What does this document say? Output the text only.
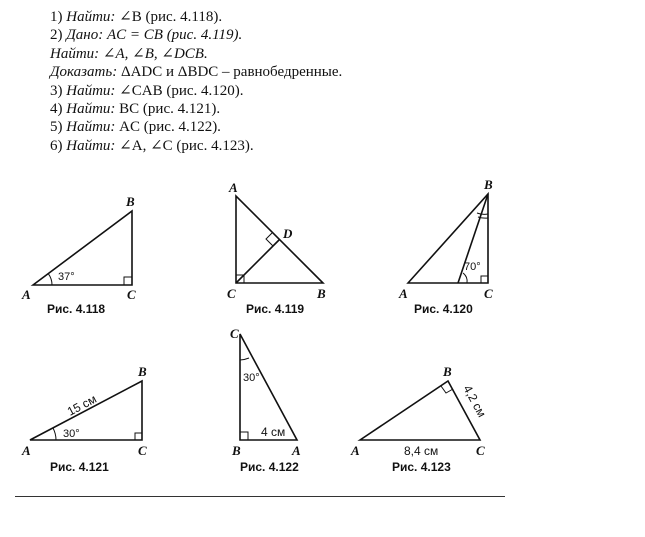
1) Найти: ∠B (рис. 4.118).
2) Дано: AC = CB (рис. 4.119).
Найти: ∠A, ∠B, ∠DCB.
Доказать: ΔADC и ΔBDC – равнобедренные.
3) Найти: ∠CAB (рис. 4.120).
4) Найти: BC (рис. 4.121).
5) Найти: AC (рис. 4.122).
6) Найти: ∠A, ∠C (рис. 4.123).
37°
A
B
C
Рис. 4.118
A
B
C
D
Рис. 4.119
70°
A
B
C
Рис. 4.120
30°
15 см
A
B
C
Рис. 4.121
30°
4 см
B	A
C
Рис. 4.122
4,2 см
8,4 см
A
B
C
Рис. 4.123
